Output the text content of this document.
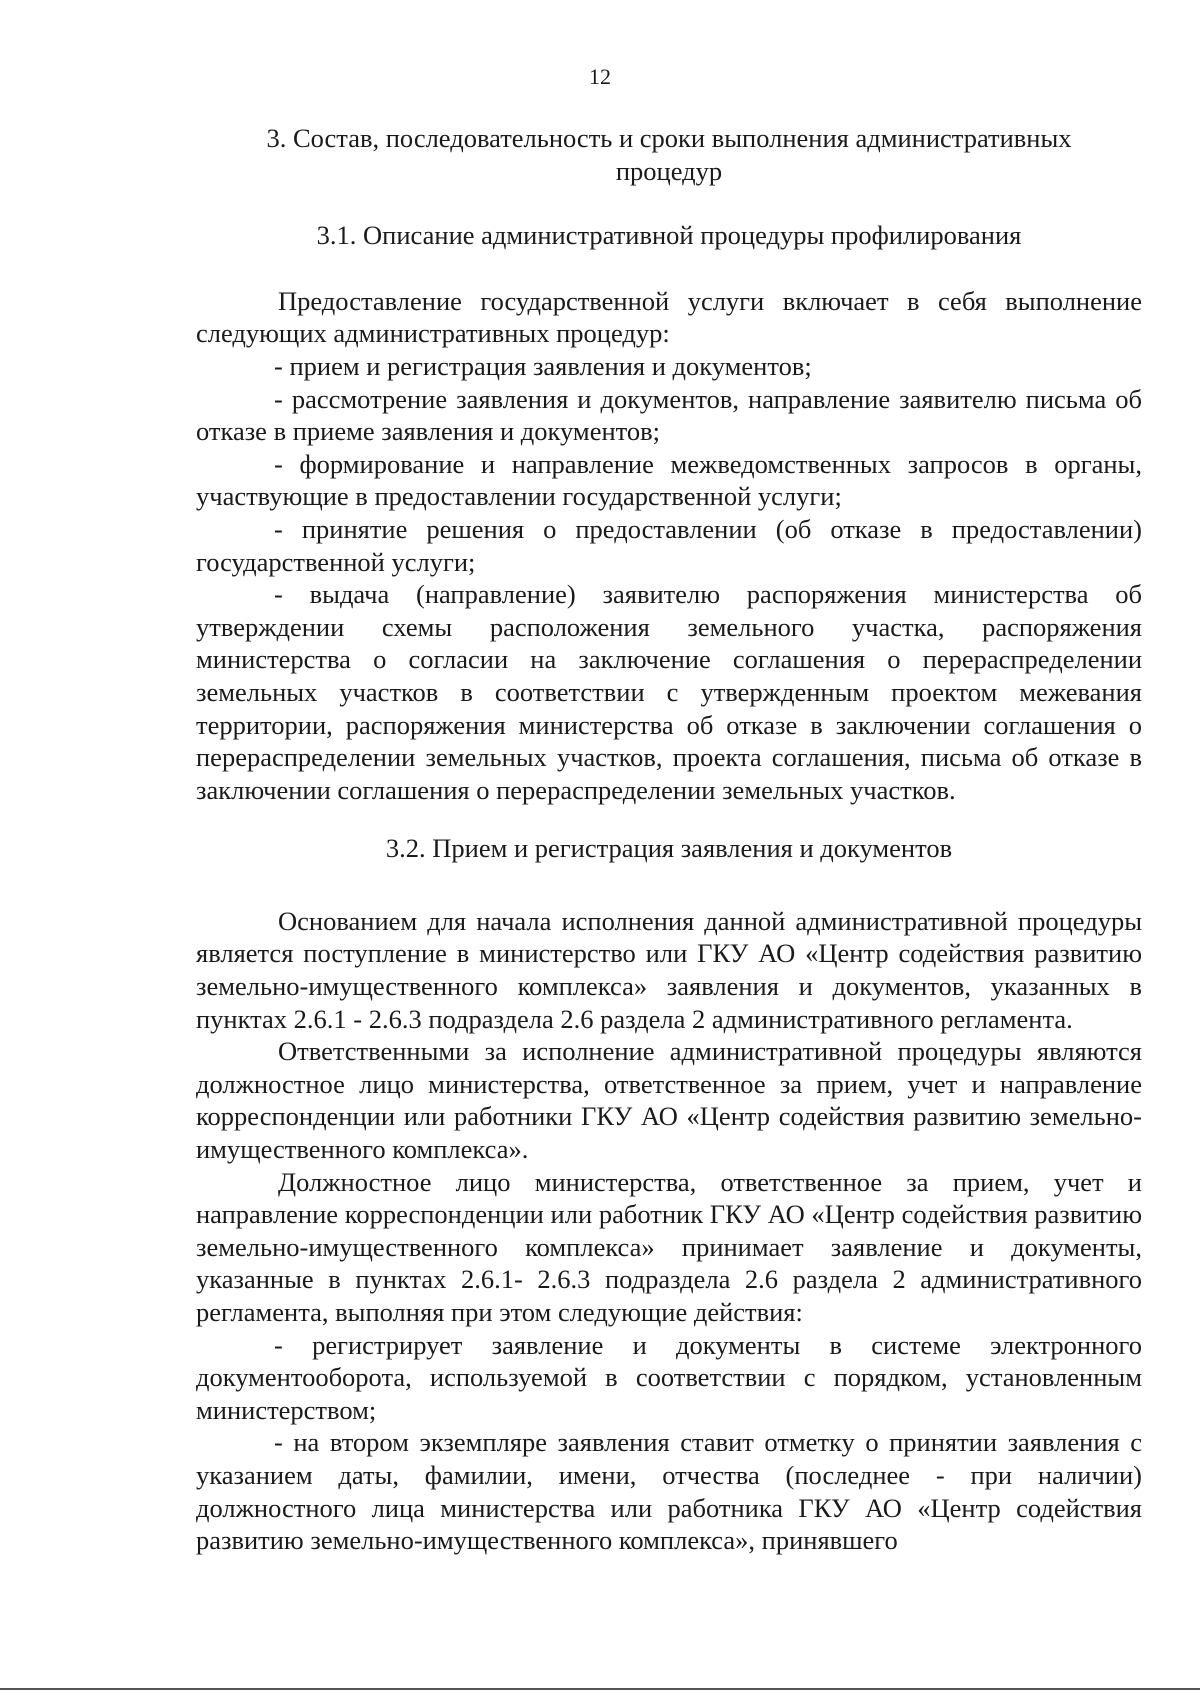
12

3. Состав, последовательность и сроки выполнения административных процедур

3.1. Описание административной процедуры профилирования

Предоставление государственной услуги включает в себя выполнение следующих административных процедур:

- прием и регистрация заявления и документов;

- рассмотрение заявления и документов, направление заявителю письма об отказе в приеме заявления и документов;

- формирование и направление межведомственных запросов в органы, участвующие в предоставлении государственной услуги;

- принятие решения о предоставлении (об отказе в предоставлении) государственной услуги;

- выдача (направление) заявителю распоряжения министерства об утверждении схемы расположения земельного участка, распоряжения министерства о согласии на заключение соглашения о перераспределении земельных участков в соответствии с утвержденным проектом межевания территории, распоряжения министерства об отказе в заключении соглашения о перераспределении земельных участков, проекта соглашения, письма об отказе в заключении соглашения о перераспределении земельных участков.

3.2. Прием и регистрация заявления и документов

Основанием для начала исполнения данной административной процедуры является поступление в министерство или ГКУ АО «Центр содействия развитию земельно-имущественного комплекса» заявления и документов, указанных в пунктах 2.6.1 - 2.6.3 подраздела 2.6 раздела 2 административного регламента.

Ответственными за исполнение административной процедуры являются должностное лицо министерства, ответственное за прием, учет и направление корреспонденции или работники ГКУ АО «Центр содействия развитию земельно-имущественного комплекса».

Должностное лицо министерства, ответственное за прием, учет и направление корреспонденции или работник ГКУ АО «Центр содействия развитию земельно-имущественного комплекса» принимает заявление и документы, указанные в пунктах 2.6.1- 2.6.3 подраздела 2.6 раздела 2 административного регламента, выполняя при этом следующие действия:

- регистрирует заявление и документы в системе электронного документооборота, используемой в соответствии с порядком, установленным министерством;

- на втором экземпляре заявления ставит отметку о принятии заявления с указанием даты, фамилии, имени, отчества (последнее - при наличии) должностного лица министерства или работника ГКУ АО «Центр содействия развитию земельно-имущественного комплекса», принявшего
